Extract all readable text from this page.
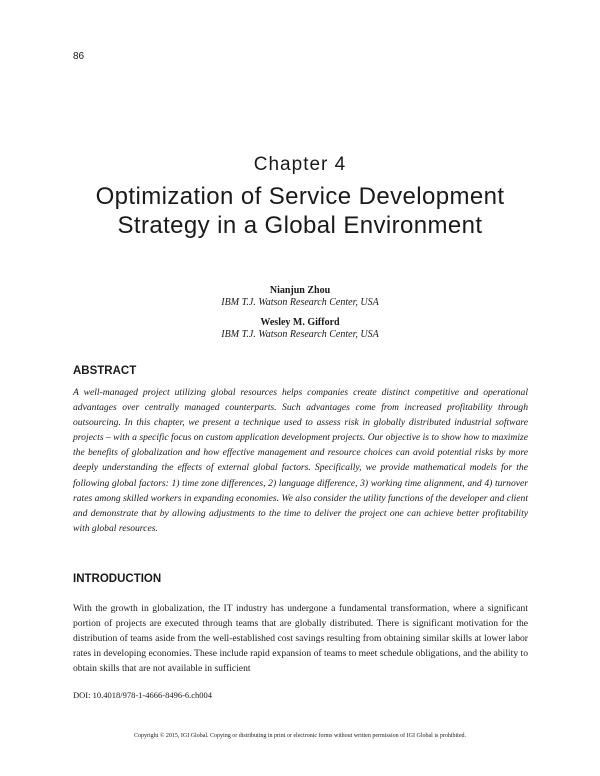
86
Chapter 4
Optimization of Service Development Strategy in a Global Environment
Nianjun Zhou
IBM T.J. Watson Research Center, USA
Wesley M. Gifford
IBM T.J. Watson Research Center, USA
ABSTRACT

A well-managed project utilizing global resources helps companies create distinct competitive and operational advantages over centrally managed counterparts. Such advantages come from increased profitability through outsourcing. In this chapter, we present a technique used to assess risk in globally distributed industrial software projects – with a specific focus on custom application development projects. Our objective is to show how to maximize the benefits of globalization and how effective management and resource choices can avoid potential risks by more deeply understanding the effects of external global factors. Specifically, we provide mathematical models for the following global factors: 1) time zone differences, 2) language difference, 3) working time alignment, and 4) turnover rates among skilled workers in expanding economies. We also consider the utility functions of the developer and client and demonstrate that by allowing adjustments to the time to deliver the project one can achieve better profitability with global resources.

INTRODUCTION

With the growth in globalization, the IT industry has undergone a fundamental transformation, where a significant portion of projects are executed through teams that are globally distributed. There is significant motivation for the distribution of teams aside from the well-established cost savings resulting from obtaining similar skills at lower labor rates in developing economies. These include rapid expansion of teams to meet schedule obligations, and the ability to obtain skills that are not available in sufficient

DOI: 10.4018/978-1-4666-8496-6.ch004
Copyright © 2015, IGI Global. Copying or distributing in print or electronic forms without written permission of IGI Global is prohibited.
